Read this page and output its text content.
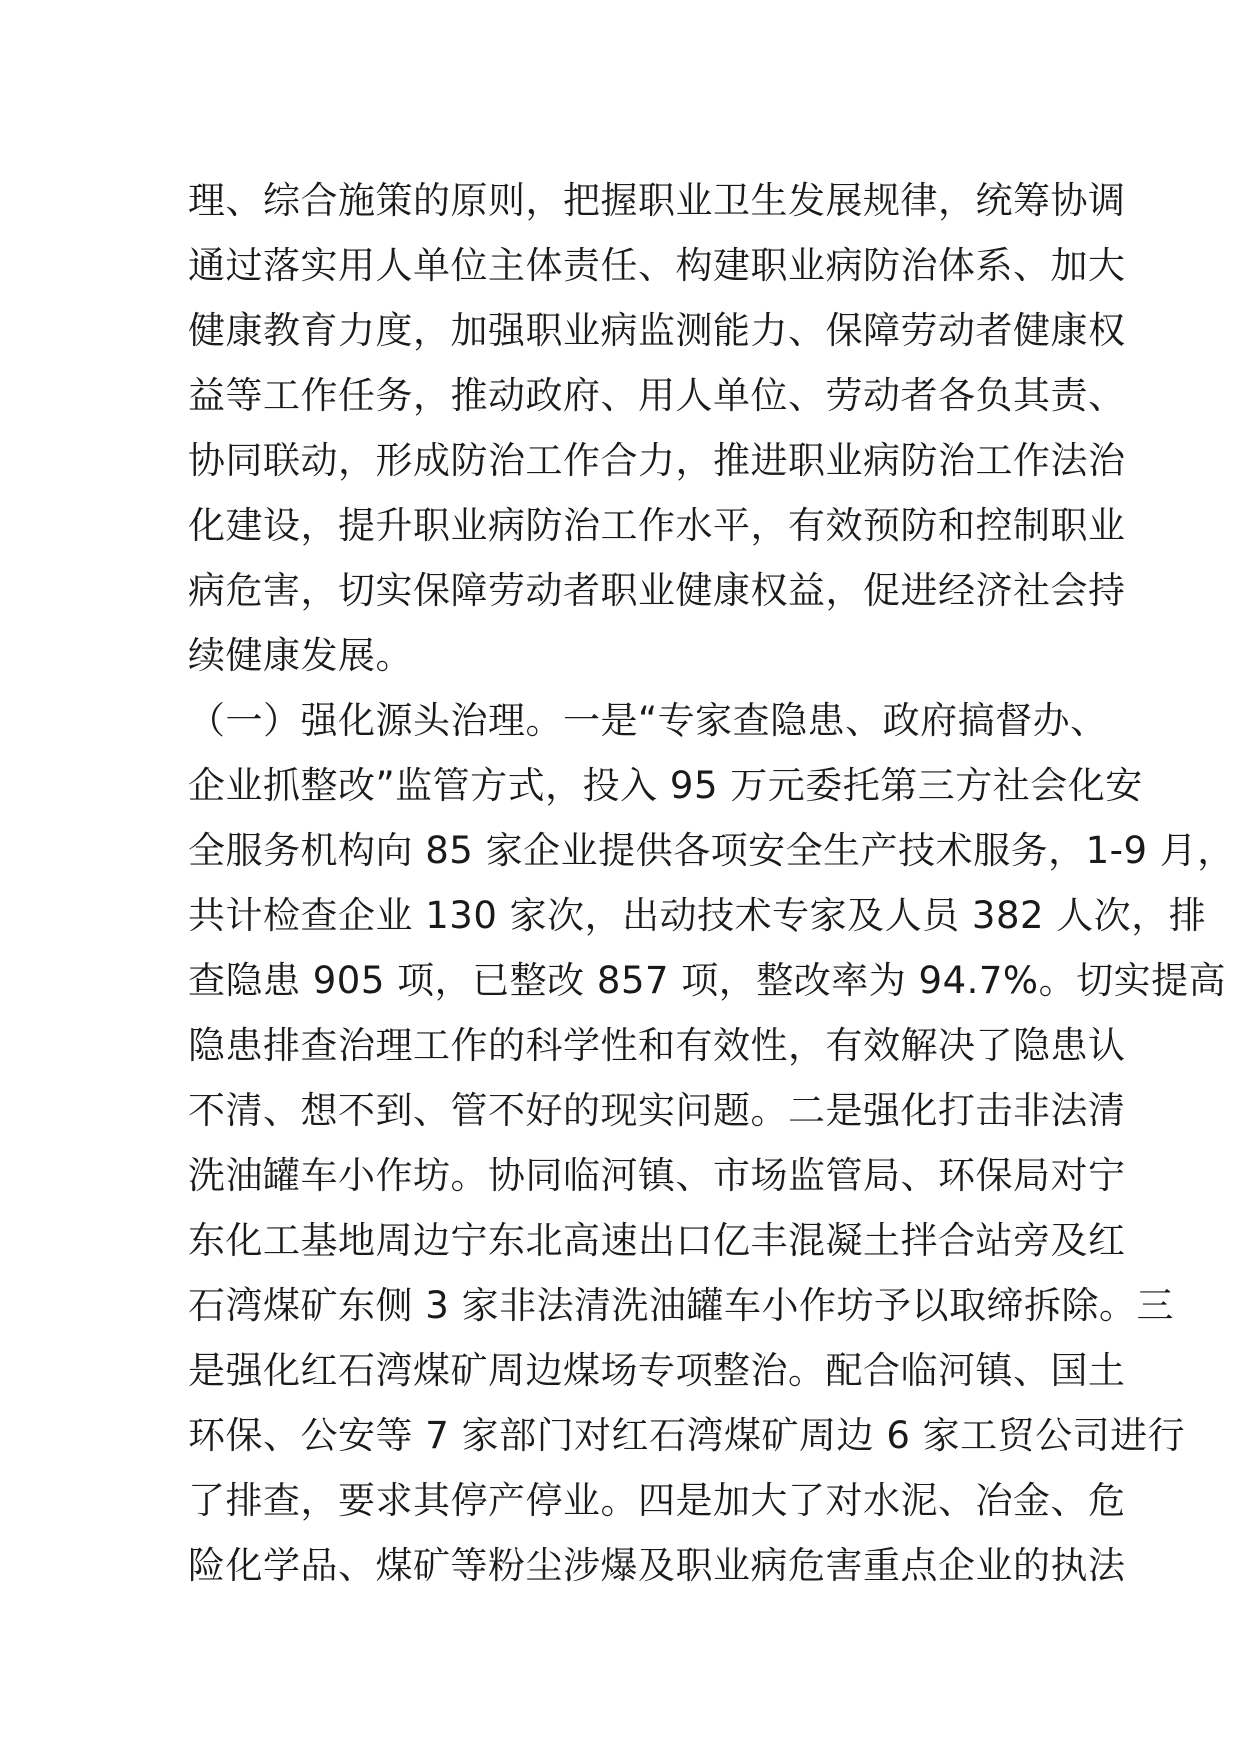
理、综合施策的原则，把握职业卫生发展规律，统筹协调
通过落实用人单位主体责任、构建职业病防治体系、加大
健康教育力度，加强职业病监测能力、保障劳动者健康权
益等工作任务，推动政府、用人单位、劳动者各负其责、
协同联动，形成防治工作合力，推进职业病防治工作法治
化建设，提升职业病防治工作水平，有效预防和控制职业
病危害，切实保障劳动者职业健康权益，促进经济社会持
续健康发展。
（一）强化源头治理。一是“专家查隐患、政府搞督办、
企业抓整改”监管方式，投入 95 万元委托第三方社会化安
全服务机构向 85 家企业提供各项安全生产技术服务，1-9 月，
共计检查企业 130 家次，出动技术专家及人员 382 人次，排
查隐患 905 项，已整改 857 项，整改率为 94.7%。切实提高
隐患排查治理工作的科学性和有效性，有效解决了隐患认
不清、想不到、管不好的现实问题。二是强化打击非法清
洗油罐车小作坊。协同临河镇、市场监管局、环保局对宁
东化工基地周边宁东北高速出口亿丰混凝土拌合站旁及红
石湾煤矿东侧 3 家非法清洗油罐车小作坊予以取缔拆除。三
是强化红石湾煤矿周边煤场专项整治。配合临河镇、国土
环保、公安等 7 家部门对红石湾煤矿周边 6 家工贸公司进行
了排查，要求其停产停业。四是加大了对水泥、冶金、危
险化学品、煤矿等粉尘涉爆及职业病危害重点企业的执法
